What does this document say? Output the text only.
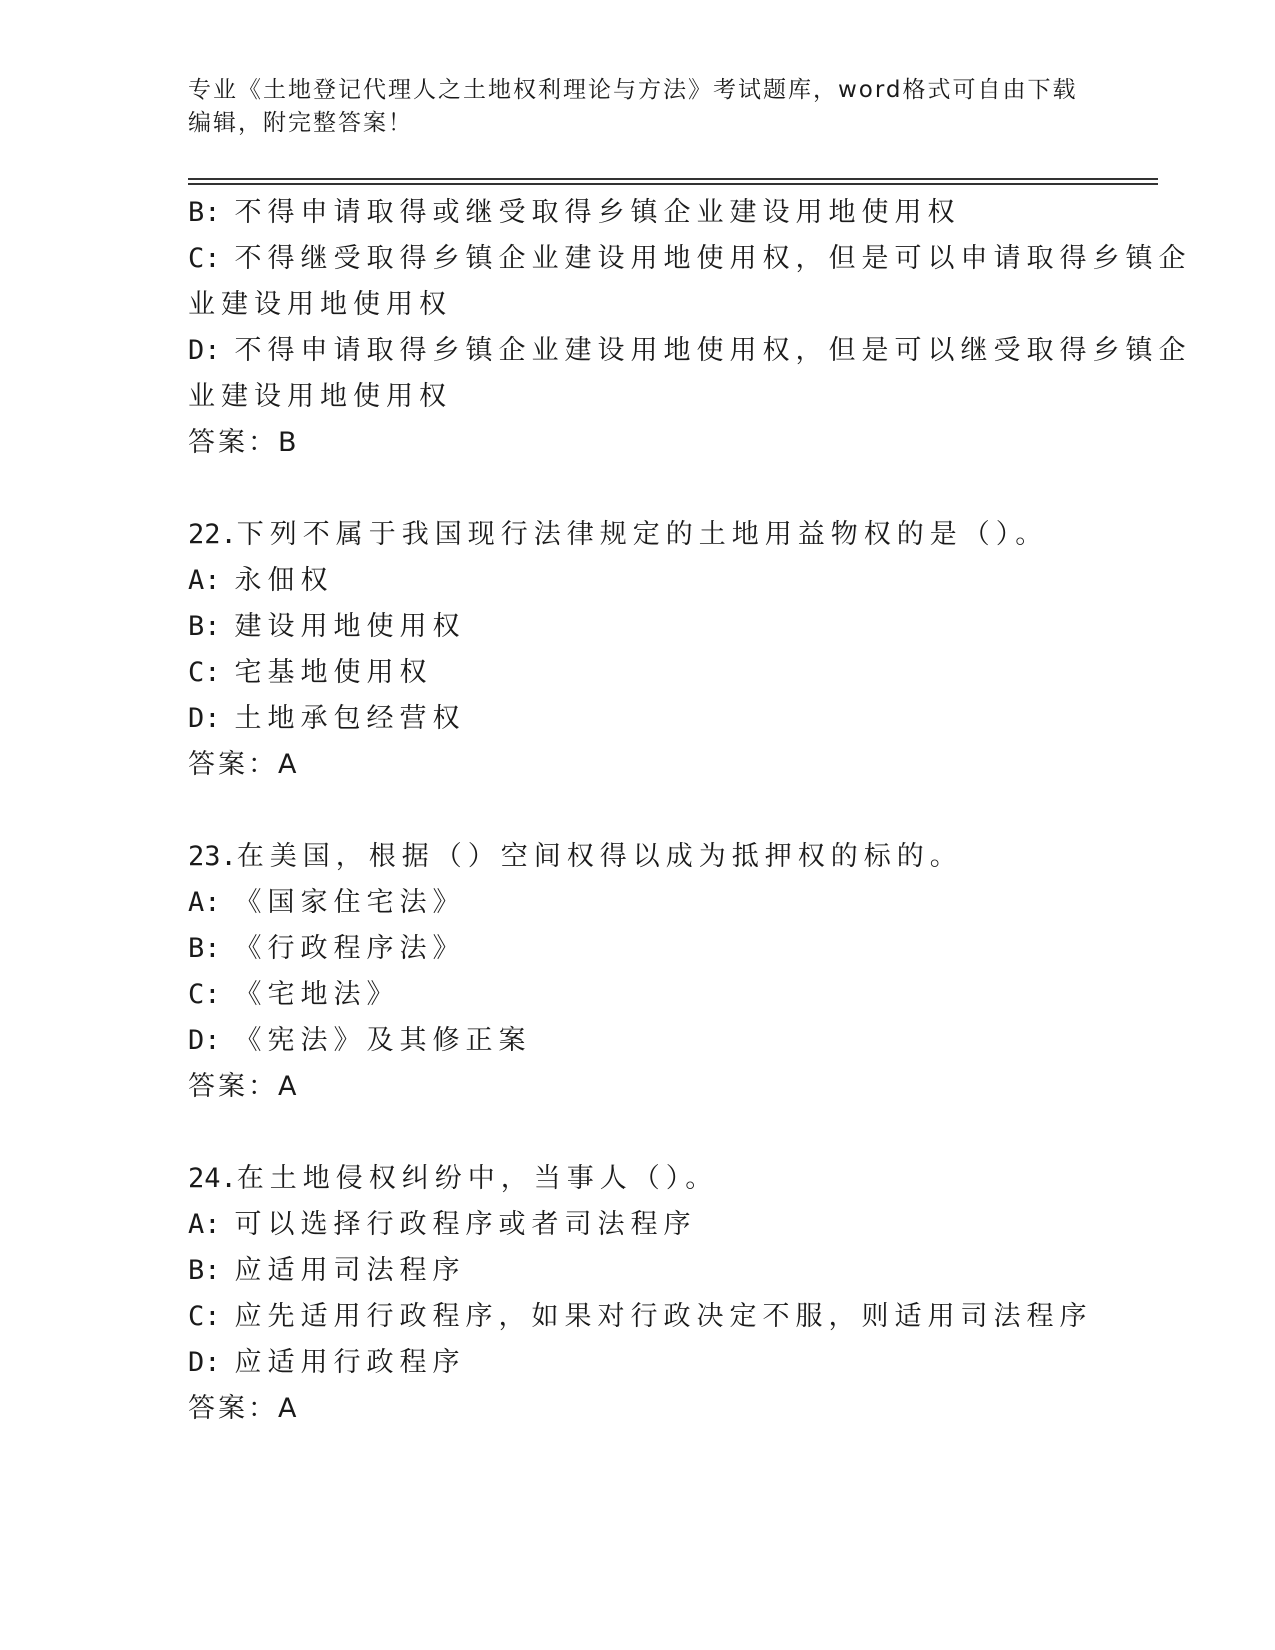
专业《土地登记代理人之土地权利理论与方法》考试题库，word格式可自由下载
编辑，附完整答案！
B: 不得申请取得或继受取得乡镇企业建设用地使用权
C: 不得继受取得乡镇企业建设用地使用权，但是可以申请取得乡镇企
业建设用地使用权
D: 不得申请取得乡镇企业建设用地使用权，但是可以继受取得乡镇企
业建设用地使用权
答案：B
22.下列不属于我国现行法律规定的土地用益物权的是（）。
A: 永佃权
B: 建设用地使用权
C: 宅基地使用权
D: 土地承包经营权
答案：A
23.在美国，根据（）空间权得以成为抵押权的标的。
A: 《国家住宅法》
B: 《行政程序法》
C: 《宅地法》
D: 《宪法》及其修正案
答案：A
24.在土地侵权纠纷中，当事人（）。
A: 可以选择行政程序或者司法程序
B: 应适用司法程序
C: 应先适用行政程序，如果对行政决定不服，则适用司法程序
D: 应适用行政程序
答案：A
